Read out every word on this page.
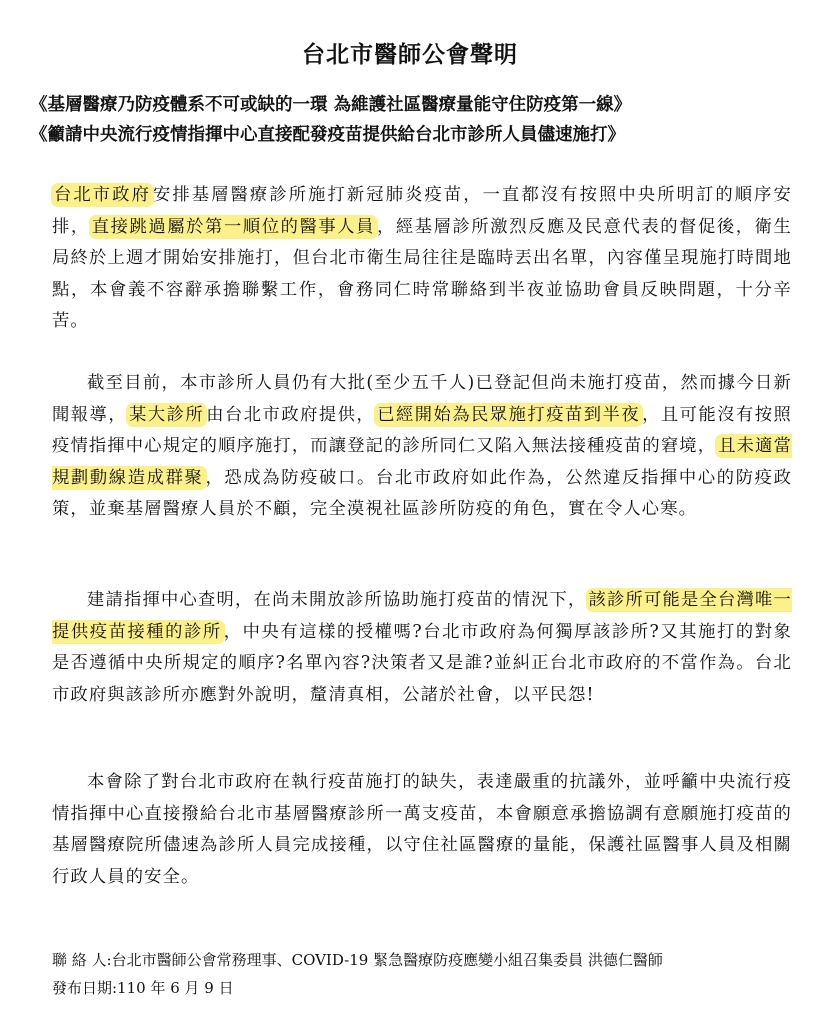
台北市醫師公會聲明

《基層醫療乃防疫體系不可或缺的一環 為維護社區醫療量能守住防疫第一線》

《籲請中央流行疫情指揮中心直接配發疫苗提供給台北市診所人員儘速施打》

台北市政府 安排基層醫療診所施打新冠肺炎疫苗，一直都沒有按照中央所明訂的順序安排， 直接跳過屬於第一順位的醫事人員 ，經基層診所激烈反應及民意代表的督促後，衛生局終於上週才開始安排施打，但台北市衛生局往往是臨時丟出名單，內容僅呈現施打時間地點，本會義不容辭承擔聯繫工作，會務同仁時常聯絡到半夜並協助會員反映問題，十分辛苦。

截至目前，本市診所人員仍有大批(至少五千人)已登記但尚未施打疫苗，然而據今日新聞報導， 某大診所 由台北市政府提供， 已經開始為民眾施打疫苗到半夜 ，且可能沒有按照疫情指揮中心規定的順序施打，而讓登記的診所同仁又陷入無法接種疫苗的窘境， 且未適當規劃動線造成群聚 ，恐成為防疫破口。台北市政府如此作為，公然違反指揮中心的防疫政策，並棄基層醫療人員於不顧，完全漠視社區診所防疫的角色，實在令人心寒。

建請指揮中心查明，在尚未開放診所協助施打疫苗的情況下， 該診所可能是全台灣唯一提供疫苗接種的診所 ，中央有這樣的授權嗎?台北市政府為何獨厚該診所?又其施打的對象是否遵循中央所規定的順序?名單內容?決策者又是誰?並糾正台北市政府的不當作為。台北市政府與該診所亦應對外說明，釐清真相，公諸於社會，以平民怨!

本會除了對台北市政府在執行疫苗施打的缺失，表達嚴重的抗議外，並呼籲中央流行疫情指揮中心直接撥給台北市基層醫療診所一萬支疫苗，本會願意承擔協調有意願施打疫苗的基層醫療院所儘速為診所人員完成接種，以守住社區醫療的量能，保護社區醫事人員及相關行政人員的安全。

聯 絡 人:台北市醫師公會常務理事、COVID-19 緊急醫療防疫應變小組召集委員 洪德仁醫師

發布日期:110 年 6 月 9 日
